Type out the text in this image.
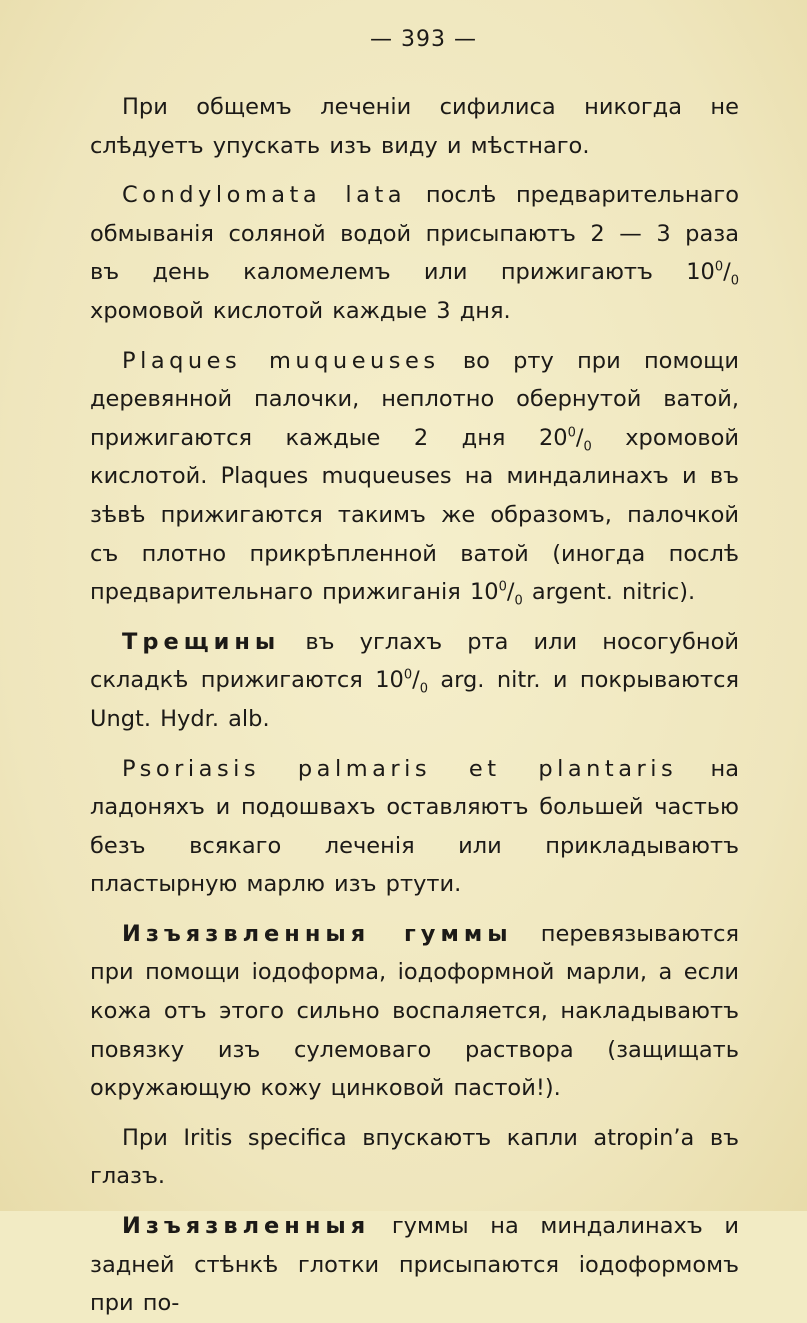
— 393 —

При общемъ леченіи сифилиса никогда не слѣдуетъ упускать изъ виду и мѣстнаго.

Condylomata lata послѣ предварительнаго обмыванія соляной водой присыпаютъ 2 — 3 раза въ день каломелемъ или прижигаютъ $10^0/_0$ хромовой кислотой каждые 3 дня.

Plaques muqueuses во рту при помощи деревянной палочки, неплотно обернутой ватой, прижигаются каждые 2 дня $20^0/_0$ хромовой кислотой. Plaques muqueuses на миндалинахъ и въ зѣвѣ прижигаются такимъ же образомъ, палочкой съ плотно прикрѣпленной ватой (иногда послѣ предварительнаго прижиганія $10^0/_0$ argent. nitric).

Трещины въ углахъ рта или носогубной складкѣ прижигаются $10^0/_0$ arg. nitr. и покрываются Ungt. Hydr. alb.

Psoriasis palmaris et plantaris на ладоняхъ и подошвахъ оставляютъ большей частью безъ всякаго леченія или прикладываютъ пластырную марлю изъ ртути.

Изъязвленныя гуммы перевязываются при помощи іодоформа, іодоформной марли, а если кожа отъ этого сильно воспаляется, накладываютъ повязку изъ сулемоваго раствора (защищать окружающую кожу цинковой пастой!).

При Iritis specifica впускаютъ капли atropin’а въ глазъ.

Изъязвленныя гуммы на миндалинахъ и задней стѣнкѣ глотки присыпаются іодоформомъ при по-
